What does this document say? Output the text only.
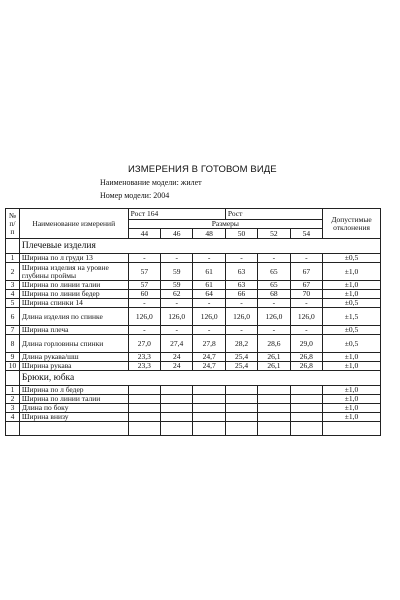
ИЗМЕРЕНИЯ В ГОТОВОМ ВИДЕ
Наименование модели: жилет
Номер модели: 2004
№ п/ п	Наименование измерений	Рост 164			Рост			Допустимые отклонения
		Размеры						
		44	46	48	50	52	54	
	Плечевые изделия							
1	Ширина по л груди 13	-	-	-	-	-	-	±0,5
2	Ширина изделия на уровне глубины проймы	57	59	61	63	65	67	±1,0
3	Ширина по линии талии	57	59	61	63	65	67	±1,0
4	Ширина по линии бедер	60	62	64	66	68	70	±1,0
5	Ширина спинки 14	-	-	-	-	-	-	±0,5
6	Длина изделия по спинке	126,0	126,0	126,0	126,0	126,0	126,0	±1,5
7	Ширина плеча	-	-	-	-	-	-	±0,5
8	Длина горловины спинки	27,0	27,4	27,8	28,2	28,6	29,0	±0,5
9	Длина рукава/шш	23,3	24	24,7	25,4	26,1	26,8	±1,0
10	Ширина рукава	23,3	24	24,7	25,4	26,1	26,8	±1,0
	Брюки, юбка							
1	Ширина по л бедер							±1,0
2	Ширина по линии талии							±1,0
3	Длина по боку							±1,0
4	Ширина внизу							±1,0
